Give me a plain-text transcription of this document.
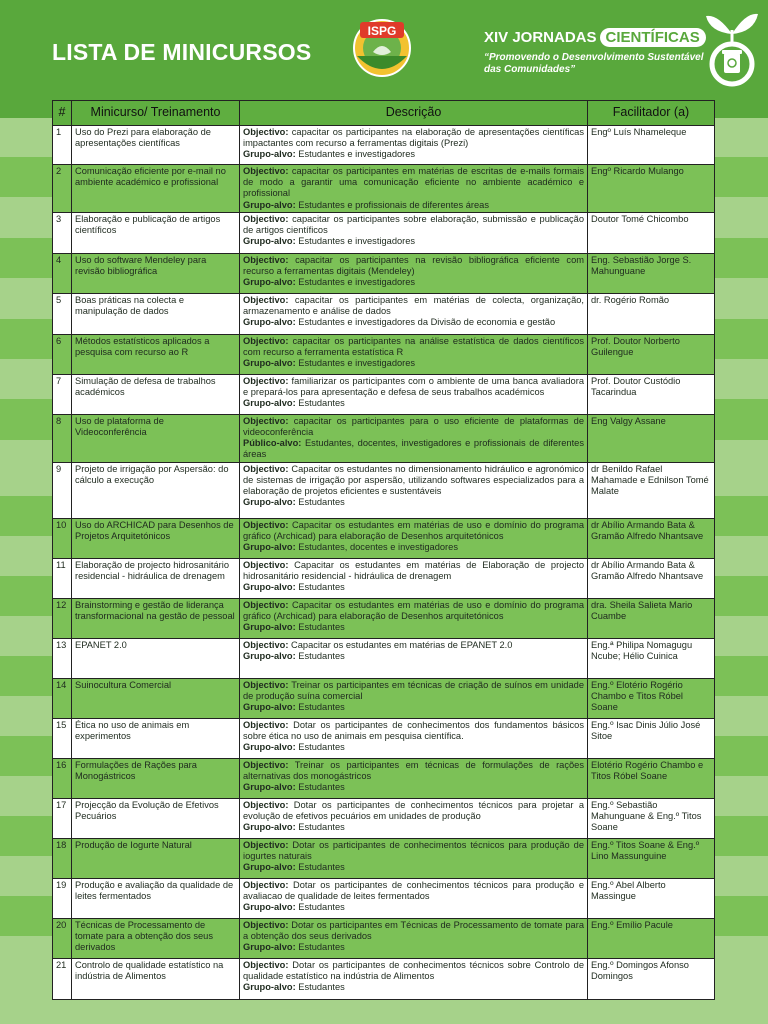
LISTA DE MINICURSOS
ISPG	XIV JORNADAS CIENTÍFICAS
“Promovendo o Desenvolvimento Sustentável das Comunidades”
#	Minicurso/ Treinamento	Descrição	Facilitador (a)
1	Uso do Prezi para elaboração de apresentações científicas	Objectivo: capacitar os participantes na elaboração de apresentações científicas impactantes com recurso a ferramentas digitais (Prezi)
Grupo-alvo: Estudantes e investigadores	Engº Luís Nhameleque
2	Comunicação eficiente por e-mail no ambiente académico e profissional	Objectivo: capacitar os participantes em matérias de escritas de e-mails formais de modo a garantir uma comunicação eficiente no ambiente académico e profissional
Grupo-alvo: Estudantes e profissionais de diferentes áreas	Engº Ricardo Mulango
3	Elaboração e publicação de artigos científicos	Objectivo: capacitar os participantes sobre elaboração, submissão e publicação de artigos científicos
Grupo-alvo: Estudantes e investigadores	Doutor Tomé Chicombo
4	Uso do software Mendeley para revisão bibliográfica	Objectivo: capacitar os participantes na revisão bibliográfica eficiente com recurso a ferramentas digitais (Mendeley)
Grupo-alvo: Estudantes e investigadores	Eng. Sebastião Jorge S. Mahunguane
5	Boas práticas na colecta e manipulação de dados	Objectivo: capacitar os participantes em matérias de colecta, organização, armazenamento e análise de dados
Grupo-alvo: Estudantes e investigadores da Divisão de economia e gestão	dr. Rogério Romão
6	Métodos estatísticos aplicados a pesquisa com recurso ao R	Objectivo: capacitar os participantes na análise estatística de dados científicos com recurso a ferramenta estatística R
Grupo-alvo: Estudantes e investigadores	Prof. Doutor Norberto Guilengue
7	Simulação de defesa de trabalhos académicos	Objectivo: familiarizar os participantes com o ambiente de uma banca avaliadora e prepará-los para apresentação e defesa de seus trabalhos académicos
Grupo-alvo: Estudantes	Prof. Doutor Custódio Tacarindua
8	Uso de plataforma de Videoconferência	Objectivo: capacitar os participantes para o uso eficiente de plataformas de videoconferência
Público-alvo: Estudantes, docentes, investigadores e profissionais de diferentes áreas	Eng Valgy Assane
9	Projeto de irrigação por Aspersão: do cálculo a execução	Objectivo: Capacitar os estudantes no dimensionamento hidráulico e agronómico de sistemas de irrigação por aspersão, utilizando softwares especializados para a elaboração de projetos eficientes e sustentáveis
Grupo-alvo: Estudantes	dr Benildo Rafael Mahamade e Ednilson Tomé Malate
10	Uso do ARCHICAD para Desenhos de Projetos Arquitetónicos	Objectivo: Capacitar os estudantes em matérias de uso e domínio do programa gráfico (Archicad) para elaboração de Desenhos arquitetónicos
Grupo-alvo: Estudantes, docentes e investigadores	dr Abílio Armando Bata & Gramão Alfredo Nhantsave
11	Elaboração de projecto hidrosanitário residencial - hidráulica de drenagem	Objectivo: Capacitar os estudantes em matérias de Elaboração de projecto hidrosanitário residencial - hidráulica de drenagem
Grupo-alvo: Estudantes	dr Abílio Armando Bata & Gramão Alfredo Nhantsave
12	Brainstorming e gestão de liderança transformacional na gestão de pessoal	Objectivo: Capacitar os estudantes em matérias de uso e domínio do programa gráfico (Archicad) para elaboração de Desenhos arquitetónicos
Grupo-alvo: Estudantes	dra. Sheila Salieta Mario Cuambe
13	EPANET 2.0	Objectivo: Capacitar os estudantes em matérias de EPANET 2.0
Grupo-alvo: Estudantes	Eng.ª Philipa Nomagugu Ncube; Hélio Cuinica
14	Suinocultura Comercial	Objectivo: Treinar os participantes em técnicas de criação de suínos em unidade de produção suína comercial
Grupo-alvo: Estudantes	Eng.º Elotério Rogério Chambo e Titos Róbel Soane
15	Ética no uso de animais em experimentos	Objectivo: Dotar os participantes de conhecimentos dos fundamentos básicos sobre ética no uso de animais em pesquisa científica.
Grupo-alvo: Estudantes	Eng.º Isac Dinis Júlio José Sitoe
16	Formulações de Rações para Monogástricos	Objectivo: Treinar os participantes em técnicas de formulações de rações alternativas dos monogástricos
Grupo-alvo: Estudantes	Elotério Rogério Chambo e Titos Róbel Soane
17	Projecção da Evolução de Efetivos Pecuários	Objectivo: Dotar os participantes de conhecimentos técnicos para projetar a evolução de efetivos pecuários em unidades de produção
Grupo-alvo: Estudantes	Eng.º Sebastião Mahunguane & Eng.º Titos Soane
18	Produção de Iogurte Natural	Objectivo: Dotar os participantes de conhecimentos técnicos para produção de iogurtes naturais
Grupo-alvo: Estudantes	Eng.º Titos Soane & Eng.º Lino Massunguine
19	Produção e avaliação da qualidade de leites fermentados	Objectivo: Dotar os participantes de conhecimentos técnicos para produção e avaliacao de qualidade de leites fermentados
Grupo-alvo: Estudantes	Eng.º Abel Alberto Massingue
20	Técnicas de Processamento de tomate para a obtenção dos seus derivados	Objectivo: Dotar os participantes em Técnicas de Processamento de tomate para a obtenção dos seus derivados
Grupo-alvo: Estudantes	Eng.º Emílio Pacule
21	Controlo de qualidade estatístico na indústria de Alimentos	Objectivo: Dotar os participantes de conhecimentos técnicos sobre Controlo de qualidade estatístico na indústria de Alimentos
Grupo-alvo: Estudantes	Eng.º Domingos Afonso Domingos
